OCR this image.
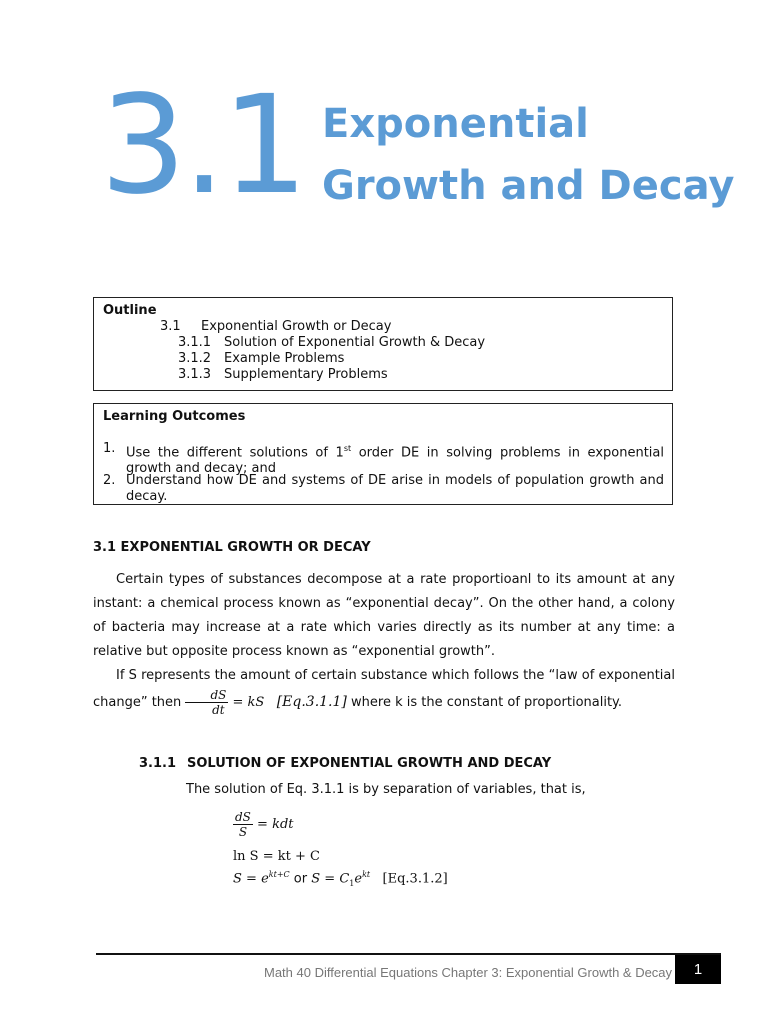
3.1 Exponential
Growth and Decay
Outline
3.1 Exponential Growth or Decay
3.1.1 Solution of Exponential Growth & Decay
3.1.2 Example Problems
3.1.3 Supplementary Problems
Learning Outcomes
1. Use the different solutions of 1st order DE in solving problems in exponential growth and decay; and
2. Understand how DE and systems of DE arise in models of population growth and decay.
3.1 EXPONENTIAL GROWTH OR DECAY
Certain types of substances decompose at a rate proportioanl to its amount at any instant: a chemical process known as “exponential decay”. On the other hand, a colony of bacteria may increase at a rate which varies directly as its number at any time: a relative but opposite process known as “exponential growth”.
If S represents the amount of certain substance which follows the “law of exponential change” then $\frac{dS}{dt}$ = kS [Eq.3.1.1] where k is the constant of proportionality.
3.1.1 SOLUTION OF EXPONENTIAL GROWTH AND DECAY
The solution of Eq. 3.1.1 is by separation of variables, that is,
$\frac{dS}{S}$ = kdt
ln S = kt + C
$S = e^{kt+C}$ or $S = C_1e^{kt}$ [Eq.3.1.2]
Math 40 Differential Equations Chapter 3: Exponential Growth & Decay	1
